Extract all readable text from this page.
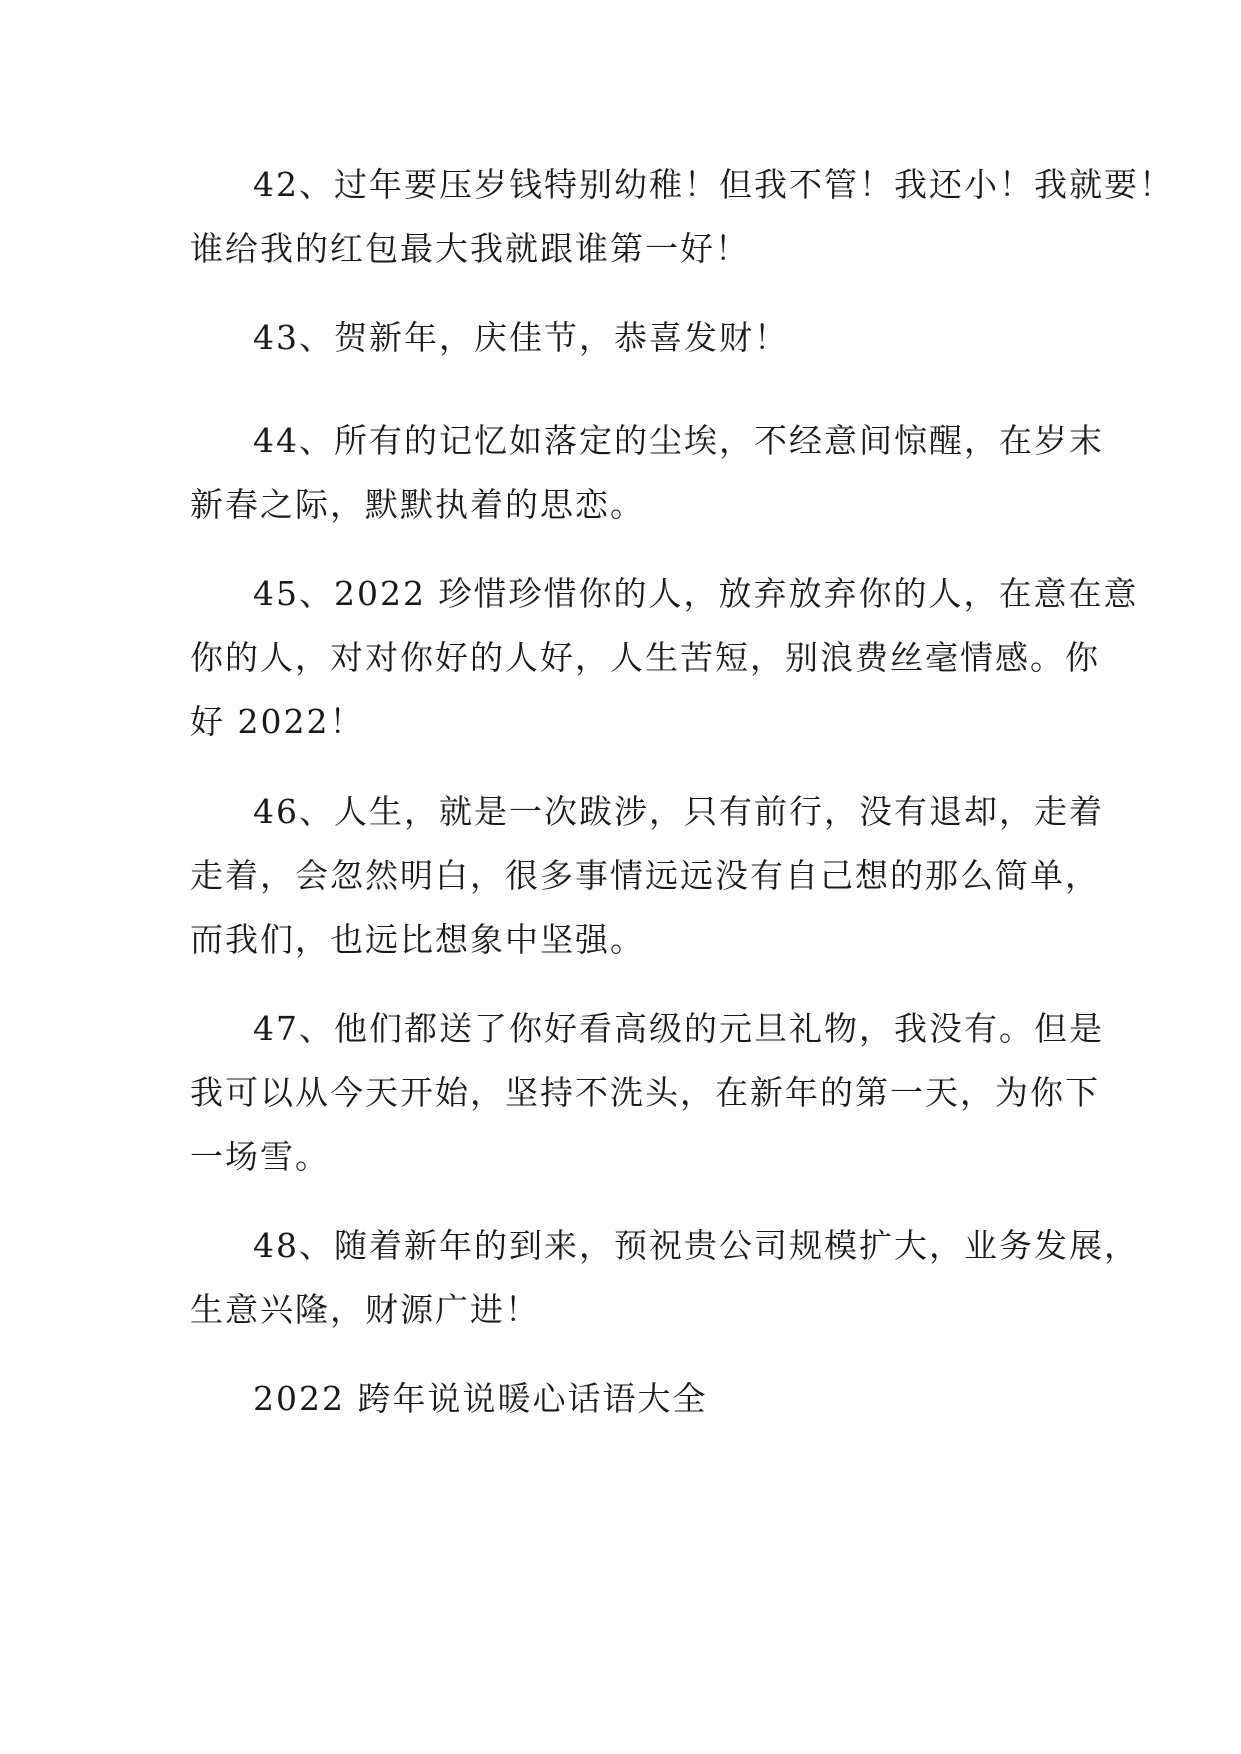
42、过年要压岁钱特别幼稚！但我不管！我还小！我就要！
谁给我的红包最大我就跟谁第一好！
43、贺新年，庆佳节，恭喜发财！
44、所有的记忆如落定的尘埃，不经意间惊醒，在岁末
新春之际，默默执着的思恋。
45、2022 珍惜珍惜你的人，放弃放弃你的人，在意在意
你的人，对对你好的人好，人生苦短，别浪费丝毫情感。你
好 2022！
46、人生，就是一次跋涉，只有前行，没有退却，走着
走着，会忽然明白，很多事情远远没有自己想的那么简单，
而我们，也远比想象中坚强。
47、他们都送了你好看高级的元旦礼物，我没有。但是
我可以从今天开始，坚持不洗头，在新年的第一天，为你下
一场雪。
48、随着新年的到来，预祝贵公司规模扩大，业务发展，
生意兴隆，财源广进！
2022 跨年说说暖心话语大全
